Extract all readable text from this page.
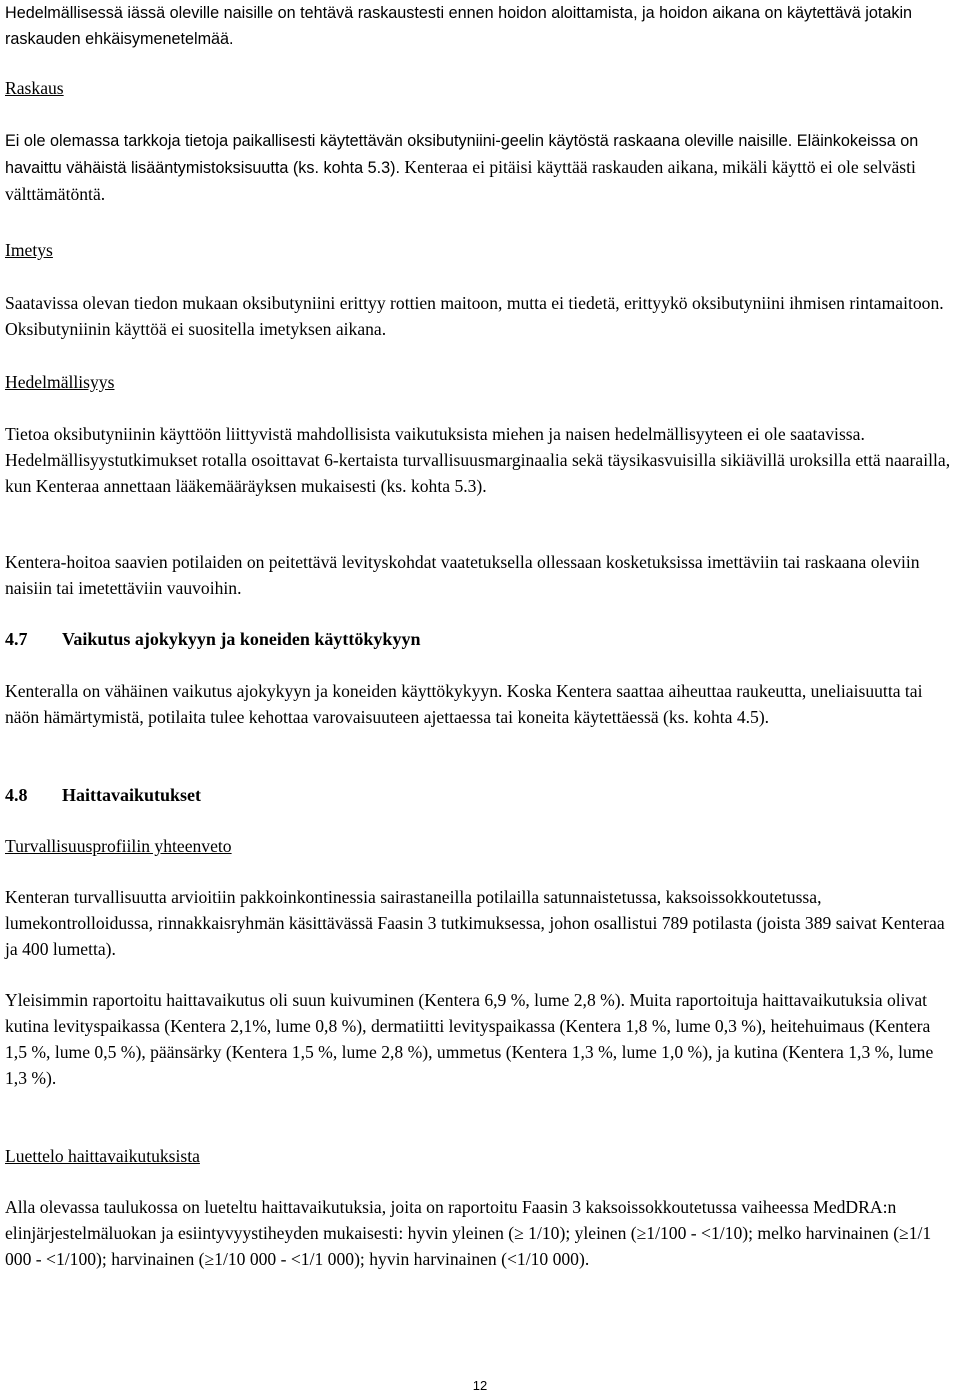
Hedelmällisessä iässä oleville naisille on tehtävä raskaustesti ennen hoidon aloittamista, ja hoidon aikana on käytettävä jotakin raskauden ehkäisymenetelmää.

Raskaus

Ei ole olemassa tarkkoja tietoja paikallisesti käytettävän oksibutyniini-geelin käytöstä raskaana oleville naisille. Eläinkokeissa on havaittu vähäistä lisääntymistoksisuutta (ks. kohta 5.3). Kenteraa ei pitäisi käyttää raskauden aikana, mikäli käyttö ei ole selvästi välttämätöntä.

Imetys

Saatavissa olevan tiedon mukaan oksibutyniini erittyy rottien maitoon, mutta ei tiedetä, erittyykö oksibutyniini ihmisen rintamaitoon. Oksibutyniinin käyttöä ei suositella imetyksen aikana.

Hedelmällisyys

Tietoa oksibutyniinin käyttöön liittyvistä mahdollisista vaikutuksista miehen ja naisen hedelmällisyyteen ei ole saatavissa. Hedelmällisyystutkimukset rotalla osoittavat 6-kertaista turvallisuusmarginaalia sekä täysikasvuisilla sikiävillä uroksilla että naarailla, kun Kenteraa annettaan lääkemääräyksen mukaisesti (ks. kohta 5.3).

Kentera-hoitoa saavien potilaiden on peitettävä levityskohdat vaatetuksella ollessaan kosketuksissa imettäviin tai raskaana oleviin naisiin tai imetettäviin vauvoihin.

4.7 Vaikutus ajokykyyn ja koneiden käyttökykyyn

Kenteralla on vähäinen vaikutus ajokykyyn ja koneiden käyttökykyyn. Koska Kentera saattaa aiheuttaa raukeutta, uneliaisuutta tai näön hämärtymistä, potilaita tulee kehottaa varovaisuuteen ajettaessa tai koneita käytettäessä (ks. kohta 4.5).

4.8 Haittavaikutukset

Turvallisuusprofiilin yhteenveto

Kenteran turvallisuutta arvioitiin pakkoinkontinessia sairastaneilla potilailla satunnaistetussa, kaksoissokkoutetussa, lumekontrolloidussa, rinnakkaisryhmän käsittävässä Faasin 3 tutkimuksessa, johon osallistui 789 potilasta (joista 389 saivat Kenteraa ja 400 lumetta).

Yleisimmin raportoitu haittavaikutus oli suun kuivuminen (Kentera 6,9 %, lume 2,8 %). Muita raportoituja haittavaikutuksia olivat kutina levityspaikassa (Kentera 2,1%, lume 0,8 %), dermatiitti levityspaikassa (Kentera 1,8 %, lume 0,3 %), heitehuimaus (Kentera 1,5 %, lume 0,5 %), päänsärky (Kentera 1,5 %, lume 2,8 %), ummetus (Kentera 1,3 %, lume 1,0 %), ja kutina (Kentera 1,3 %, lume 1,3 %).

Luettelo haittavaikutuksista

Alla olevassa taulukossa on lueteltu haittavaikutuksia, joita on raportoitu Faasin 3 kaksoissokkoutetussa vaiheessa MedDRA:n elinjärjestelmäluokan ja esiintyvyystiheyden mukaisesti: hyvin yleinen (≥ 1/10); yleinen (≥1/100 - <1/10); melko harvinainen (≥1/1 000 - <1/100); harvinainen (≥1/10 000 - <1/1 000); hyvin harvinainen (<1/10 000).

12
